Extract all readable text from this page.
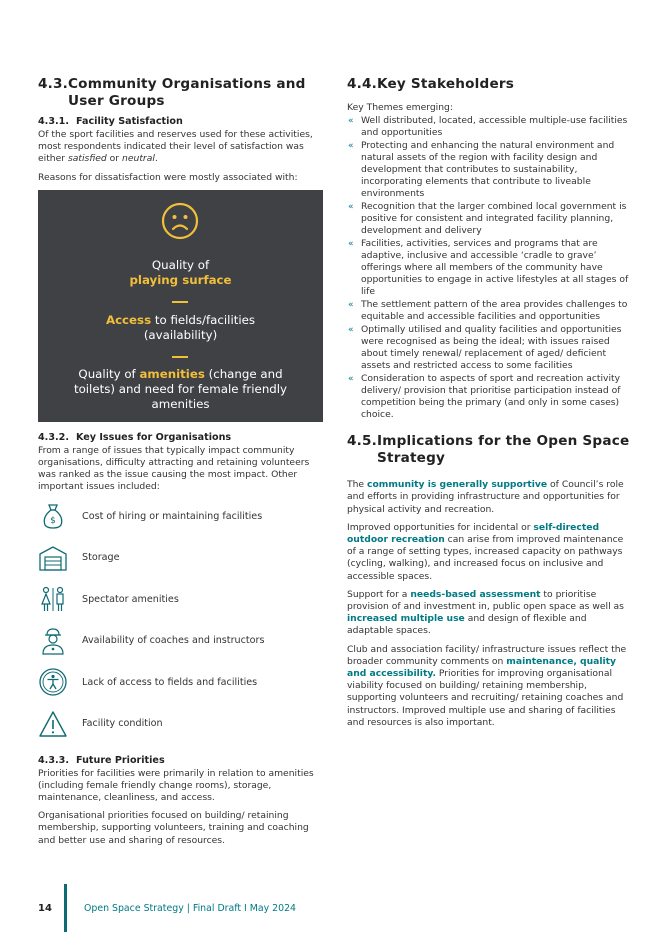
4.3.Community Organisations and User Groups
4.3.1. Facility Satisfaction

Of the sport facilities and reserves used for these activities, most respondents indicated their level of satisfaction was either satisfied or neutral.

Reasons for dissatisfaction were mostly associated with:

Quality of
playing surface
Access to fields/facilities (availability)
Quality of amenities (change and toilets) and need for female friendly amenities
4.3.2. Key Issues for Organisations

From a range of issues that typically impact community organisations, difficulty attracting and retaining volunteers was ranked as the issue causing the most impact. Other important issues included:

$	Cost of hiring or maintaining facilities
Storage
Spectator amenities
Availability of coaches and instructors
Lack of access to fields and facilities
Facility condition
4.3.3. Future Priorities

Priorities for facilities were primarily in relation to amenities (including female friendly change rooms), storage, maintenance, cleanliness, and access.

Organisational priorities focused on building/ retaining membership, supporting volunteers, training and coaching and better use and sharing of resources.

4.4.Key Stakeholders

Key Themes emerging:

« Well distributed, located, accessible multiple-use facilities and opportunities
« Protecting and enhancing the natural environment and natural assets of the region with facility design and development that contributes to sustainability, incorporating elements that contribute to liveable environments
« Recognition that the larger combined local government is positive for consistent and integrated facility planning, development and delivery
« Facilities, activities, services and programs that are adaptive, inclusive and accessible ‘cradle to grave’ offerings where all members of the community have opportunities to engage in active lifestyles at all stages of life
« The settlement pattern of the area provides challenges to equitable and accessible facilities and opportunities
« Optimally utilised and quality facilities and opportunities were recognised as being the ideal; with issues raised about timely renewal/ replacement of aged/ deficient assets and restricted access to some facilities
« Consideration to aspects of sport and recreation activity delivery/ provision that prioritise participation instead of competition being the primary (and only in some cases) choice.
4.5.Implications for the Open Space Strategy

The community is generally supportive of Council’s role and efforts in providing infrastructure and opportunities for physical activity and recreation.

Improved opportunities for incidental or self-directed outdoor recreation can arise from improved maintenance of a range of setting types, increased capacity on pathways (cycling, walking), and increased focus on inclusive and accessible spaces.

Support for a needs-based assessment to prioritise provision of and investment in, public open space as well as increased multiple use and design of flexible and adaptable spaces.

Club and association facility/ infrastructure issues reflect the broader community comments on maintenance, quality and accessibility. Priorities for improving organisational viability focused on building/ retaining membership, supporting volunteers and recruiting/ retaining coaches and instructors. Improved multiple use and sharing of facilities and resources is also important.

14	Open Space Strategy | Final Draft I May 2024
